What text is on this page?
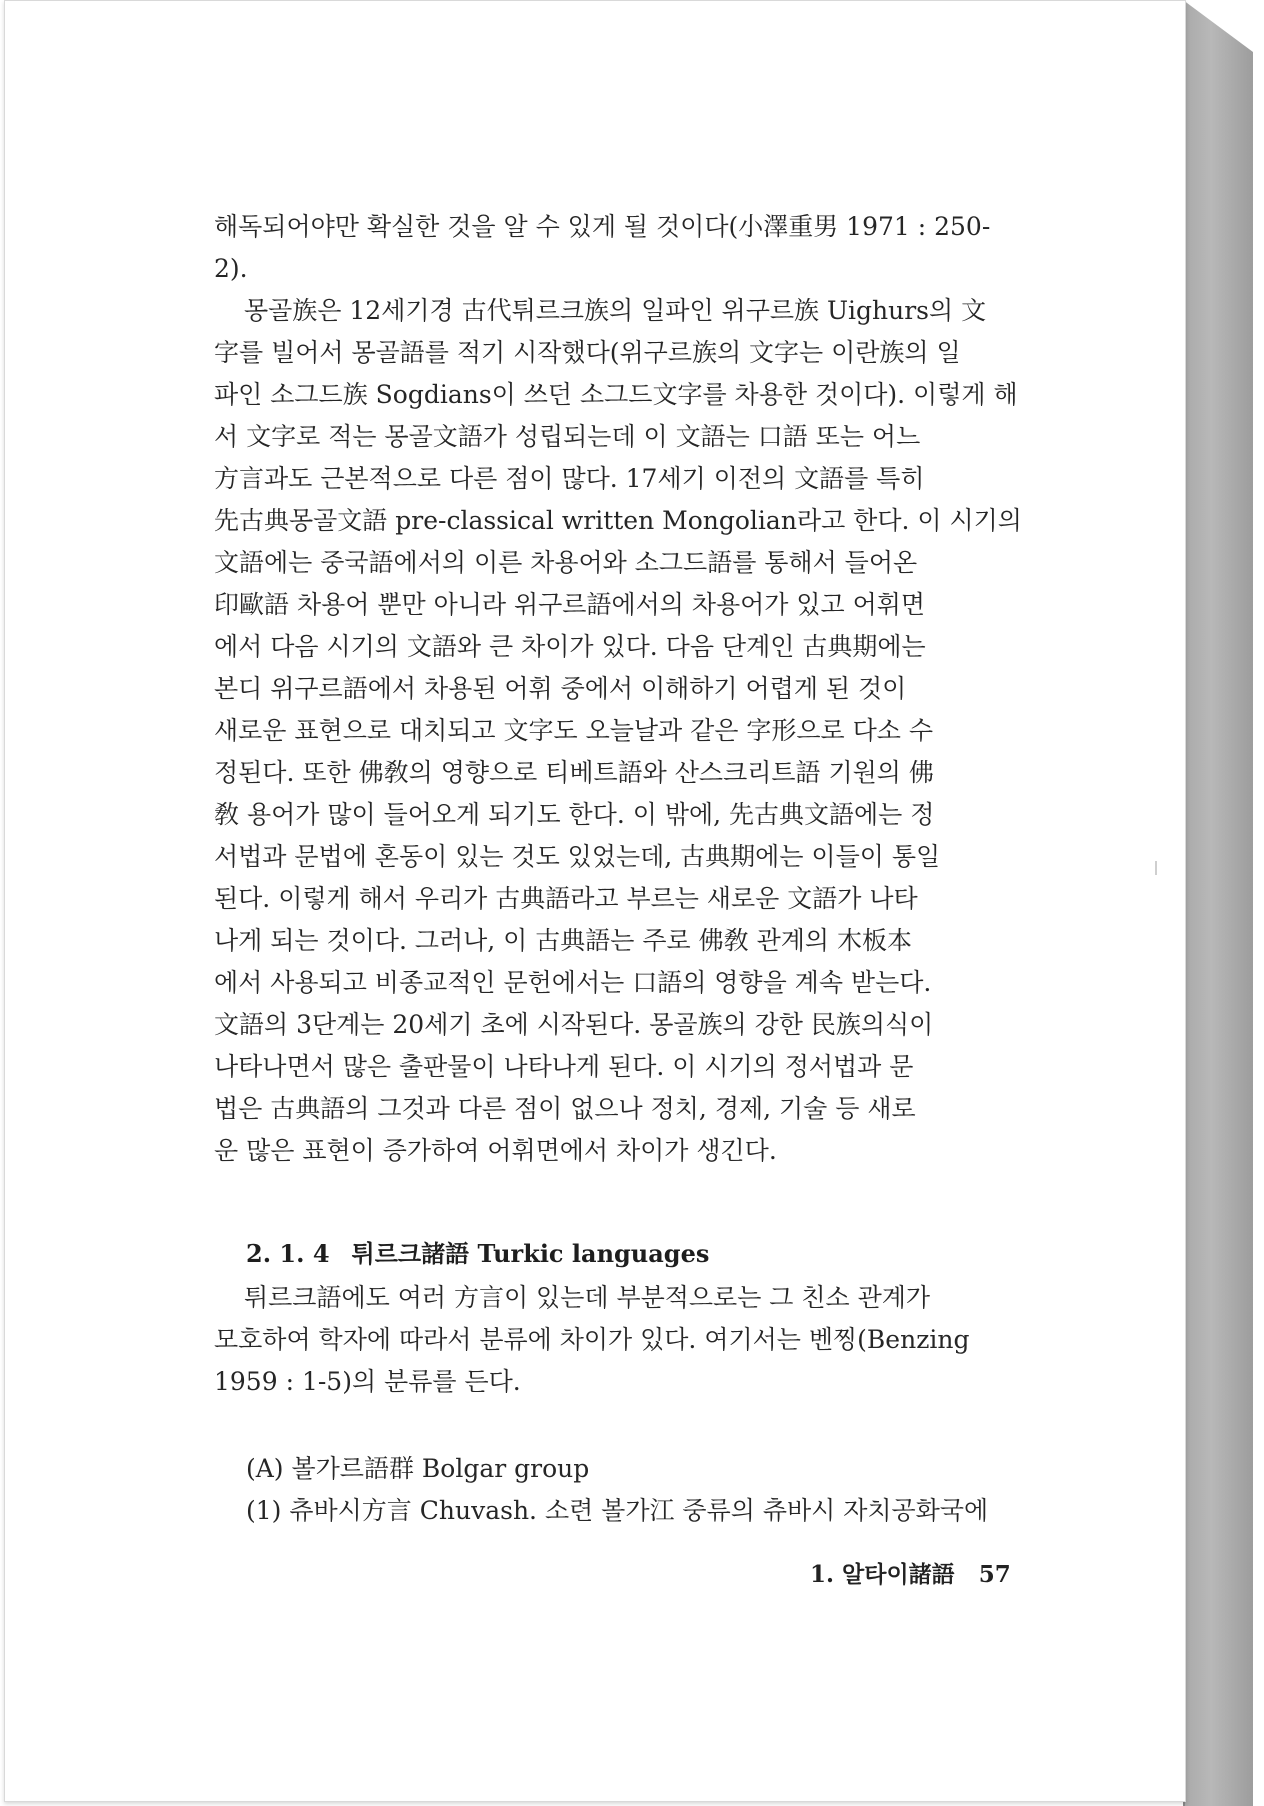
해독되어야만 확실한 것을 알 수 있게 될 것이다(小澤重男 1971 : 250-
2).
몽골族은 12세기경 古代튀르크族의 일파인 위구르族 Uighurs의 文
字를 빌어서 몽골語를 적기 시작했다(위구르族의 文字는 이란族의 일
파인 소그드族 Sogdians이 쓰던 소그드文字를 차용한 것이다). 이렇게 해
서 文字로 적는 몽골文語가 성립되는데 이 文語는 口語 또는 어느
方言과도 근본적으로 다른 점이 많다. 17세기 이전의 文語를 특히
先古典몽골文語 pre-classical written Mongolian라고 한다. 이 시기의
文語에는 중국語에서의 이른 차용어와 소그드語를 통해서 들어온
印歐語 차용어 뿐만 아니라 위구르語에서의 차용어가 있고 어휘면
에서 다음 시기의 文語와 큰 차이가 있다. 다음 단계인 古典期에는
본디 위구르語에서 차용된 어휘 중에서 이해하기 어렵게 된 것이
새로운 표현으로 대치되고 文字도 오늘날과 같은 字形으로 다소 수
정된다. 또한 佛敎의 영향으로 티베트語와 산스크리트語 기원의 佛
敎 용어가 많이 들어오게 되기도 한다. 이 밖에, 先古典文語에는 정
서법과 문법에 혼동이 있는 것도 있었는데, 古典期에는 이들이 통일
된다. 이렇게 해서 우리가 古典語라고 부르는 새로운 文語가 나타
나게 되는 것이다. 그러나, 이 古典語는 주로 佛敎 관계의 木板本
에서 사용되고 비종교적인 문헌에서는 口語의 영향을 계속 받는다.
文語의 3단계는 20세기 초에 시작된다. 몽골族의 강한 民族의식이
나타나면서 많은 출판물이 나타나게 된다. 이 시기의 정서법과 문
법은 古典語의 그것과 다른 점이 없으나 정치, 경제, 기술 등 새로
운 많은 표현이 증가하여 어휘면에서 차이가 생긴다.
2. 1. 4 튀르크諸語 Turkic languages
튀르크語에도 여러 方言이 있는데 부분적으로는 그 친소 관계가
모호하여 학자에 따라서 분류에 차이가 있다. 여기서는 벤찡(Benzing
1959 : 1-5)의 분류를 든다.
(A) 볼가르語群 Bolgar group
(1) 츄바시方言 Chuvash. 소련 볼가江 중류의 츄바시 자치공화국에
1. 알타이諸語 57
